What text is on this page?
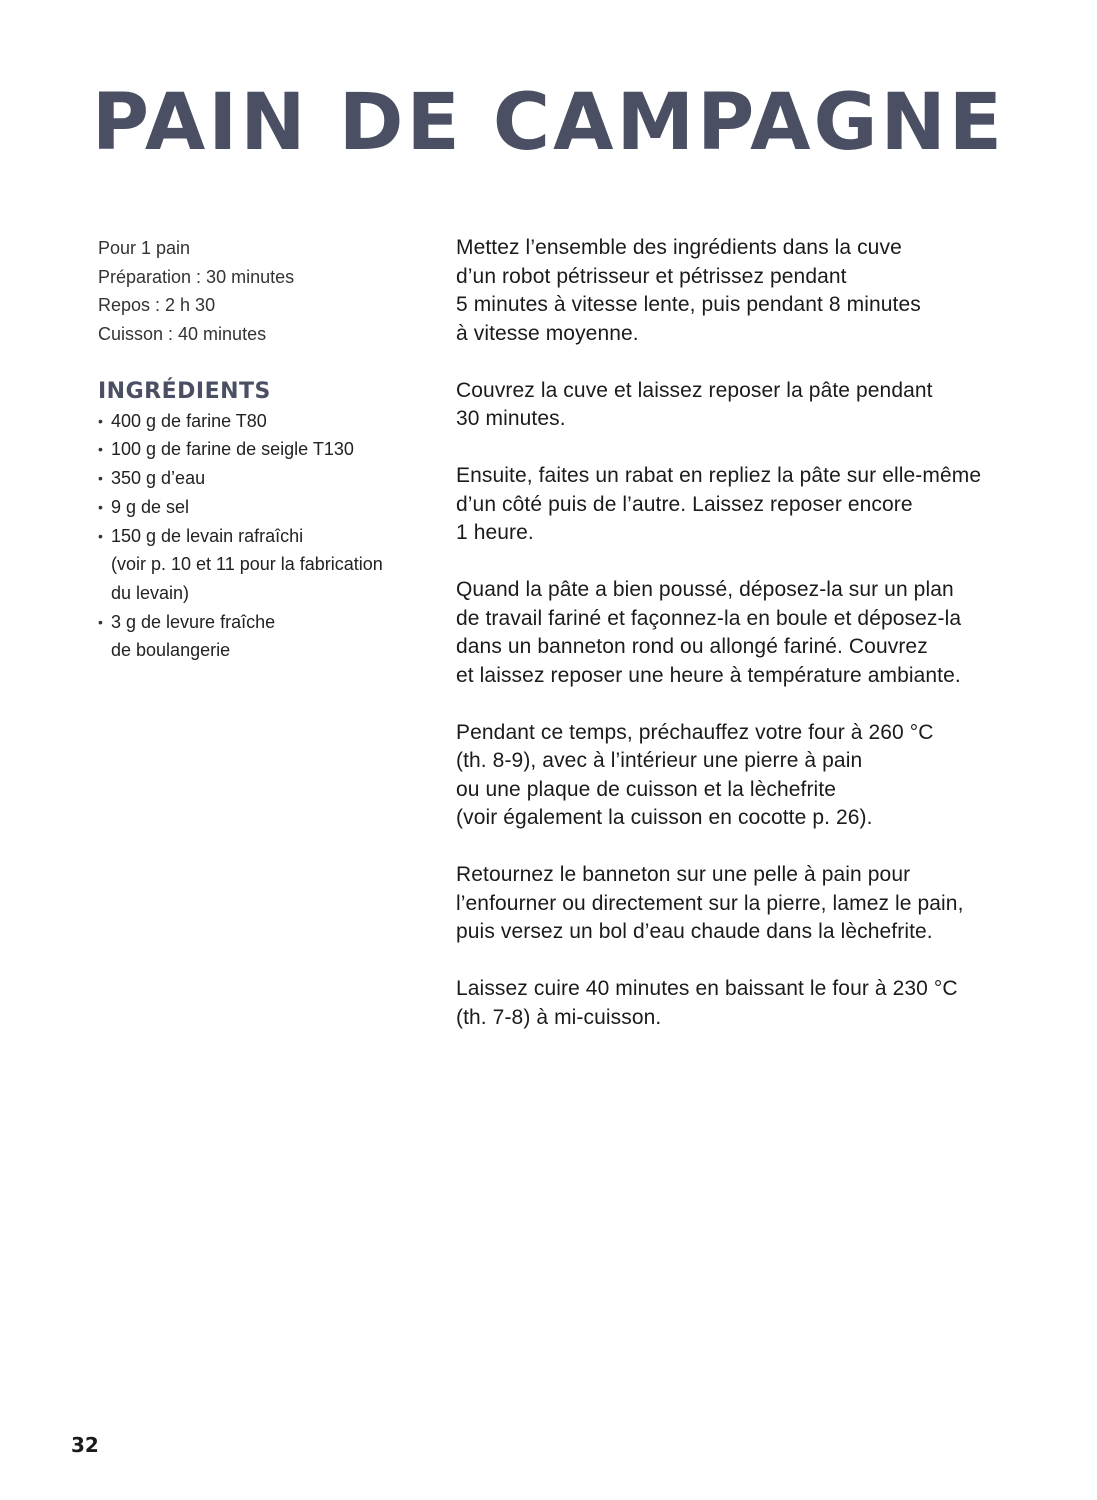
PAIN DE CAMPAGNE
Pour 1 pain
Préparation : 30 minutes
Repos : 2 h 30
Cuisson : 40 minutes
INGRÉDIENTS
• 400 g de farine T80
• 100 g de farine de seigle T130
• 350 g d’eau
• 9 g de sel
• 150 g de levain rafraîchi
(voir p. 10 et 11 pour la fabrication
du levain)
• 3 g de levure fraîche
de boulangerie

Mettez l’ensemble des ingrédients dans la cuve
d’un robot pétrisseur et pétrissez pendant
5 minutes à vitesse lente, puis pendant 8 minutes
à vitesse moyenne.

Couvrez la cuve et laissez reposer la pâte pendant
30 minutes.

Ensuite, faites un rabat en repliez la pâte sur elle-même
d’un côté puis de l’autre. Laissez reposer encore
1 heure.

Quand la pâte a bien poussé, déposez-la sur un plan
de travail fariné et façonnez-la en boule et déposez-la
dans un banneton rond ou allongé fariné. Couvrez
et laissez reposer une heure à température ambiante.

Pendant ce temps, préchauffez votre four à 260 °C
(th. 8-9), avec à l’intérieur une pierre à pain
ou une plaque de cuisson et la lèchefrite
(voir également la cuisson en cocotte p. 26).

Retournez le banneton sur une pelle à pain pour
l’enfourner ou directement sur la pierre, lamez le pain,
puis versez un bol d’eau chaude dans la lèchefrite.

Laissez cuire 40 minutes en baissant le four à 230 °C
(th. 7-8) à mi-cuisson.

32
